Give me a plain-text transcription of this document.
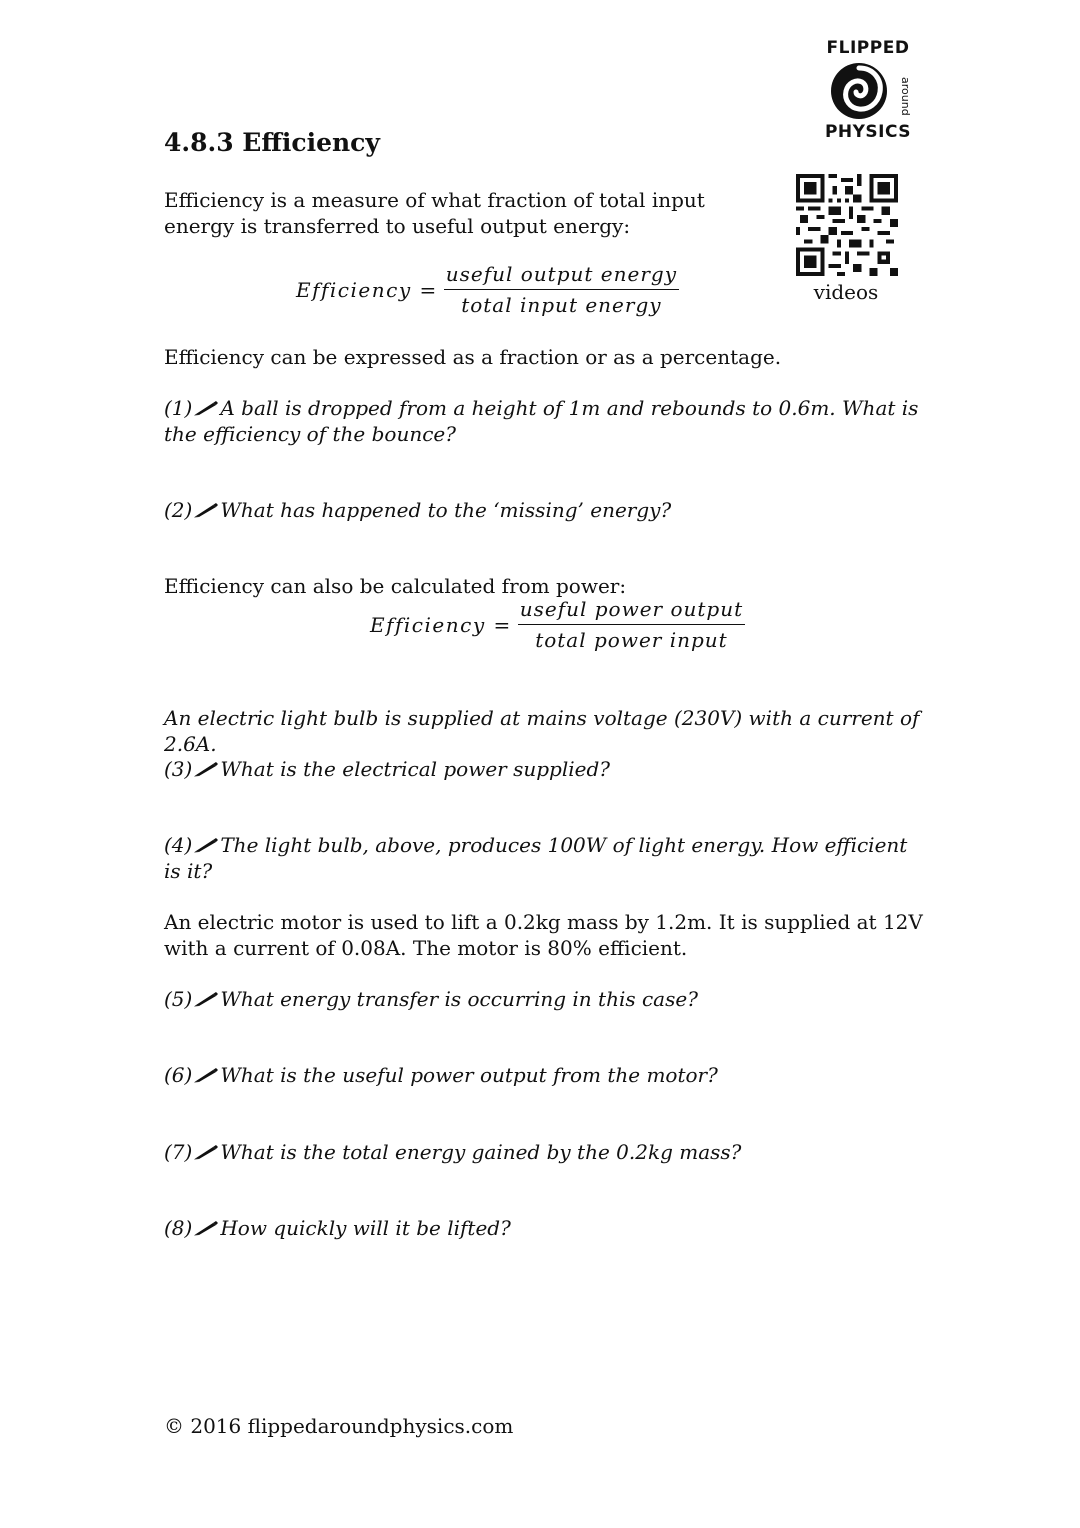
FLIPPED
around
PHYSICS
videos
4.8.3 Efficiency
Efficiency is a measure of what fraction of total input energy is transferred to useful output energy:
Efficiency = $\frac{\text{useful output energy}}{\text{total input energy}}$
Efficiency can be expressed as a fraction or as a percentage.
(1) A ball is dropped from a height of 1m and rebounds to 0.6m. What is the efficiency of the bounce?
(2) What has happened to the ‘missing’ energy?
Efficiency can also be calculated from power:
Efficiency = $\frac{\text{useful power output}}{\text{total power input}}$
An electric light bulb is supplied at mains voltage (230V) with a current of 2.6A.
(3) What is the electrical power supplied?
(4) The light bulb, above, produces 100W of light energy. How efficient is it?
An electric motor is used to lift a 0.2kg mass by 1.2m. It is supplied at 12V with a current of 0.08A. The motor is 80% efficient.
(5) What energy transfer is occurring in this case?
(6) What is the useful power output from the motor?
(7) What is the total energy gained by the 0.2kg mass?
(8) How quickly will it be lifted?
© 2016 flippedaroundphysics.com
